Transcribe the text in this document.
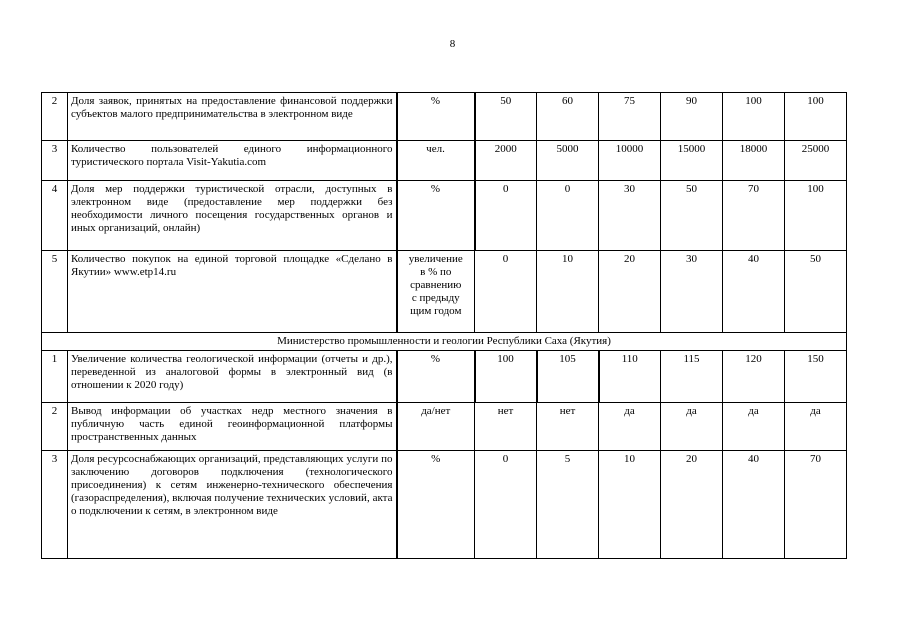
8
2	Доля заявок, принятых на предоставление финансовой поддержки субъектов малого предпринимательства в электронном виде	%	50	60	75	90	100	100
3	Количество пользователей единого информационного туристического портала Visit-Yakutia.com	чел.	2000	5000	10000	15000	18000	25000
4	Доля мер поддержки туристической отрасли, доступных в электронном виде (предоставление мер поддержки без необходимости личного посещения государственных органов и иных организаций, онлайн)	%	0	0	30	50	70	100
5	Количество покупок на единой торговой площадке «Сделано в Якутии» www.etp14.ru	увеличение
в % по
сравнению
с предыду
щим годом	0	10	20	30	40	50
Министерство промышленности и геологии Республики Саха (Якутия)								
1	Увеличение количества геологической информации (отчеты и др.), переведенной из аналоговой формы в электронный вид (в отношении к 2020 году)	%	100	105	110	115	120	150
2	Вывод информации об участках недр местного значения в публичную часть единой геоинформационной платформы пространственных данных	да/нет	нет	нет	да	да	да	да
3	Доля ресурсоснабжающих организаций, представляющих услуги по заключению договоров подключения (технологического присоединения) к сетям инженерно-технического обеспечения (газораспределения), включая получение технических условий, акта о подключении к сетям, в электронном виде	%	0	5	10	20	40	70
